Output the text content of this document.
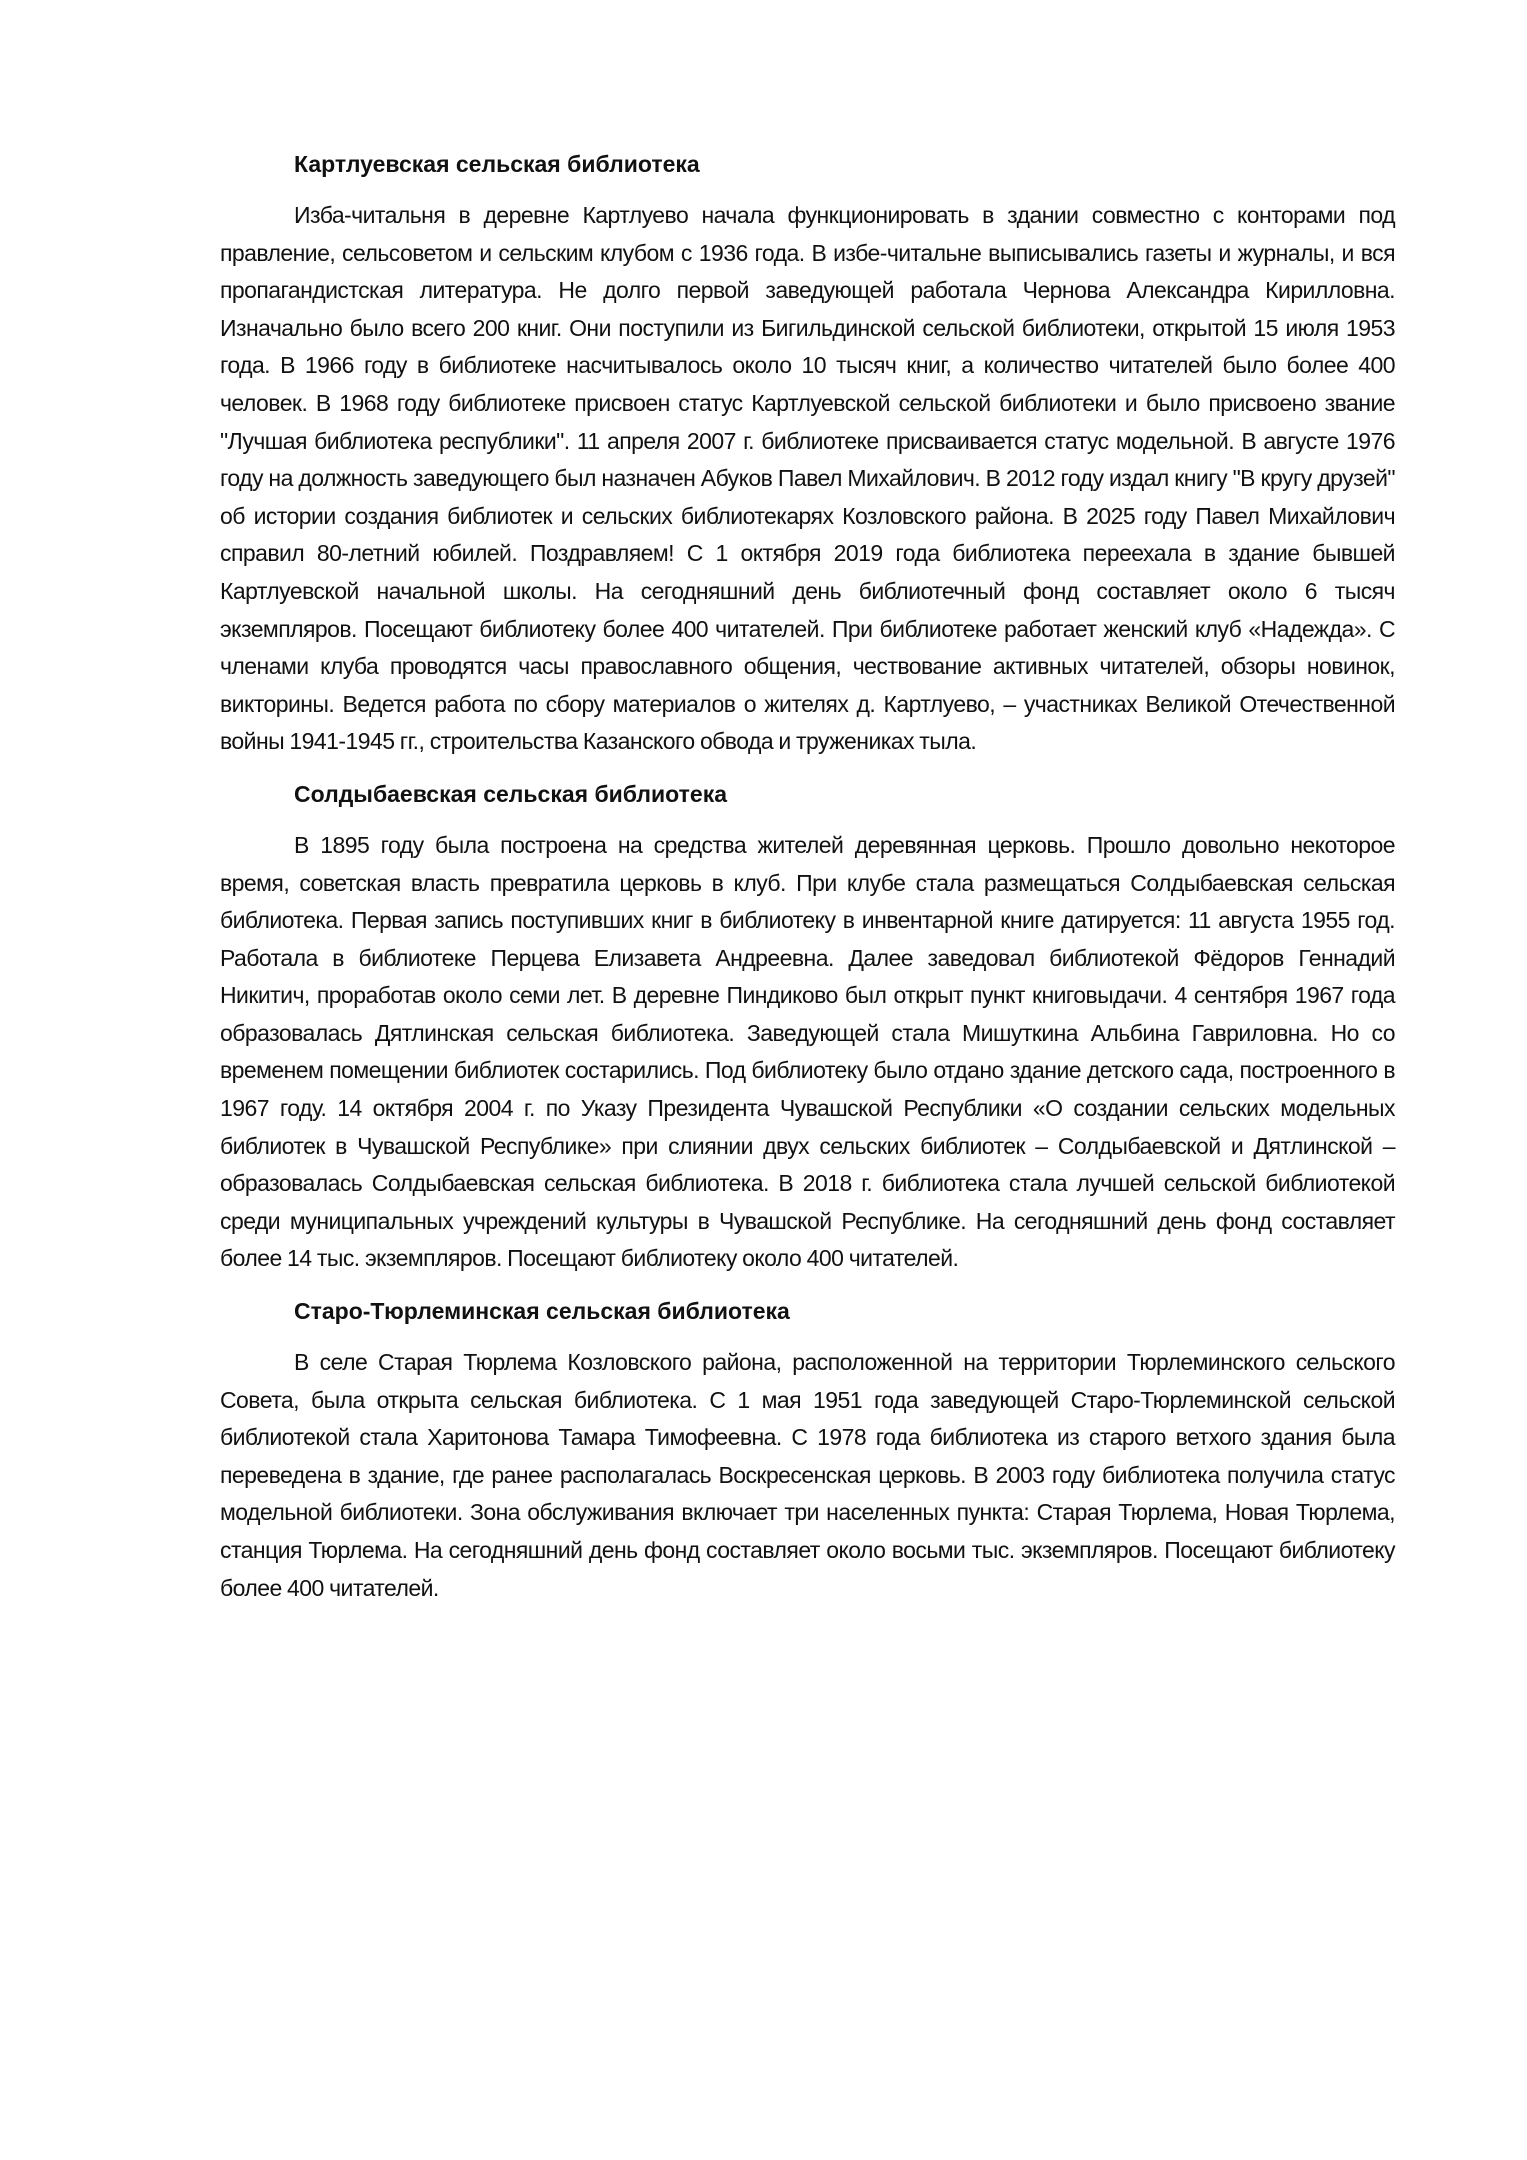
Картлуевская сельская библиотека

Изба-читальня в деревне Картлуево начала функционировать в здании совместно с конторами под правление, сельсоветом и сельским клубом с 1936 года. В избе-читальне выписывались газеты и журналы, и вся пропагандистская литература. Не долго первой заведующей работала Чернова Александра Кирилловна. Изначально было всего 200 книг. Они поступили из Бигильдинской сельской библиотеки, открытой 15 июля 1953 года. В 1966 году в библиотеке насчитывалось около 10 тысяч книг, а количество читателей было более 400 человек. В 1968 году библиотеке присвоен статус Картлуевской сельской библиотеки и было присвоено звание "Лучшая библиотека республики". 11 апреля 2007 г. библиотеке присваивается статус модельной. В августе 1976 году на должность заведующего был назначен Абуков Павел Михайлович. В 2012 году издал книгу "В кругу друзей" об истории создания библиотек и сельских библиотекарях Козловского района. В 2025 году Павел Михайлович справил 80-летний юбилей. Поздравляем! С 1 октября 2019 года библиотека переехала в здание бывшей Картлуевской начальной школы. На сегодняшний день библиотечный фонд составляет около 6 тысяч экземпляров. Посещают библиотеку более 400 читателей. При библиотеке работает женский клуб «Надежда». С членами клуба проводятся часы православного общения, чествование активных читателей, обзоры новинок, викторины. Ведется работа по сбору материалов о жителях д. Картлуево, – участниках Великой Отечественной войны 1941-1945 гг., строительства Казанского обвода и тружениках тыла.

Солдыбаевская сельская библиотека

В 1895 году была построена на средства жителей деревянная церковь. Прошло довольно некоторое время, советская власть превратила церковь в клуб. При клубе стала размещаться Солдыбаевская сельская библиотека. Первая запись поступивших книг в библиотеку в инвентарной книге датируется: 11 августа 1955 год. Работала в библиотеке Перцева Елизавета Андреевна. Далее заведовал библиотекой Фёдоров Геннадий Никитич, проработав около семи лет. В деревне Пиндиково был открыт пункт книговыдачи. 4 сентября 1967 года образовалась Дятлинская сельская библиотека. Заведующей стала Мишуткина Альбина Гавриловна. Но со временем помещении библиотек состарились. Под библиотеку было отдано здание детского сада, построенного в 1967 году. 14 октября 2004 г. по Указу Президента Чувашской Республики «О создании сельских модельных библиотек в Чувашской Республике» при слиянии двух сельских библиотек – Солдыбаевской и Дятлинской – образовалась Солдыбаевская сельская библиотека. В 2018 г. библиотека стала лучшей сельской библиотекой среди муниципальных учреждений культуры в Чувашской Республике. На сегодняшний день фонд составляет более 14 тыс. экземпляров. Посещают библиотеку около 400 читателей.

Старо-Тюрлеминская сельская библиотека

В селе Старая Тюрлема Козловского района, расположенной на территории Тюрлеминского сельского Совета, была открыта сельская библиотека. С 1 мая 1951 года заведующей Старо-Тюрлеминской сельской библиотекой стала Харитонова Тамара Тимофеевна. С 1978 года библиотека из старого ветхого здания была переведена в здание, где ранее располагалась Воскресенская церковь. В 2003 году библиотека получила статус модельной библиотеки. Зона обслуживания включает три населенных пункта: Старая Тюрлема, Новая Тюрлема, станция Тюрлема. На сегодняшний день фонд составляет около восьми тыс. экземпляров. Посещают библиотеку более 400 читателей.
